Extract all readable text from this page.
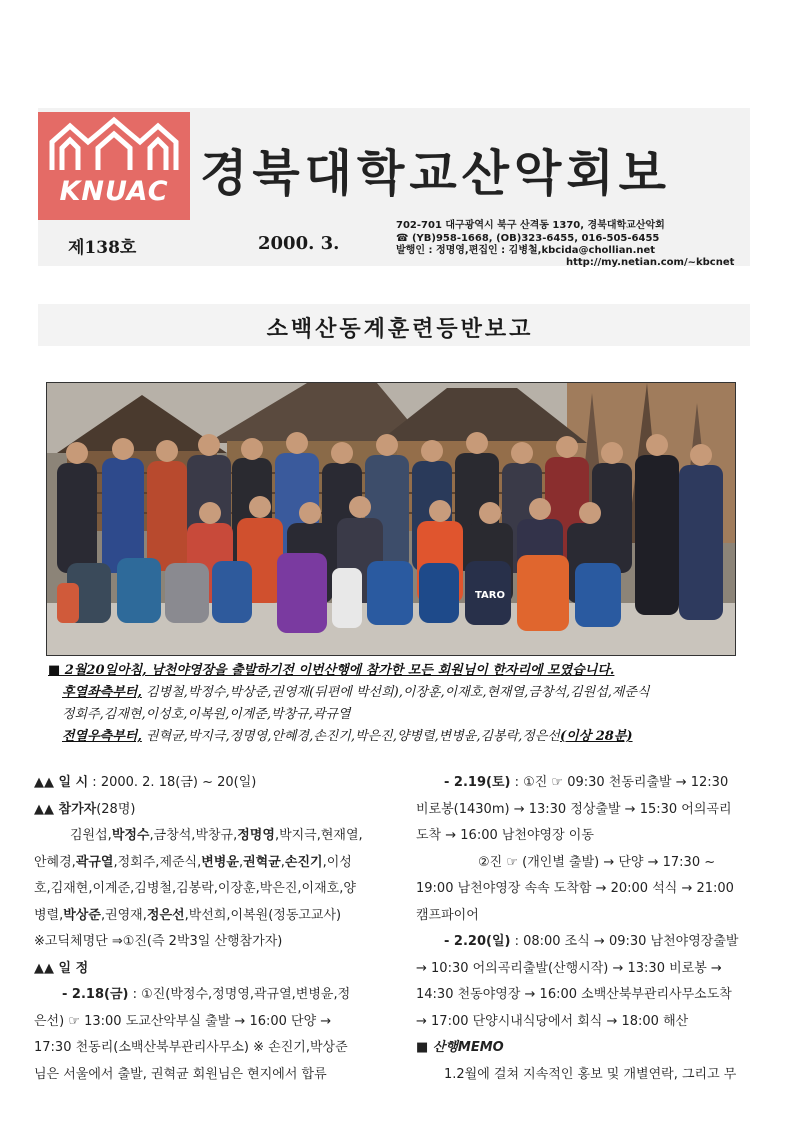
KNUAC 경북대학교산악회보
제138호	2000. 3.
702-701 대구광역시 북구 산격동 1370, 경북대학교산악회
☎ (YB)958-1668, (OB)323-6455, 016-505-6455
발행인 : 정명영,편집인 : 김병철,kbcida@chollian.net
http://my.netian.com/~kbcnet
소백산동계훈련등반보고
TARO
■ 2월20일아침, 남천야영장을 출발하기전 이번산행에 참가한 모든 회원님이 한자리에 모였습니다.
후열좌측부터, 김병철,박정수,박상준,권영재(뒤편에 박선희),이장훈,이재호,현재열,금창석,김원섭,제준식
정회주,김재현,이성호,이복원,이계준,박창규,곽규열
전열우측부터, 권혁균,박지극,정명영,안혜경,손진기,박은진,양병렬,변병윤,김봉락,정은선(이상 28분)
▲▲ 일 시 : 2000. 2. 18(금) ~ 20(일)
▲▲ 참가자(28명)
김원섭,박정수,금창석,박창규,정명영,박지극,현재열,
안혜경,곽규열,정회주,제준식,변병윤,권혁균,손진기,이성
호,김재현,이계준,김병철,김봉락,이장훈,박은진,이재호,양
병렬,박상준,권영재,정은선,박선희,이복원(정동고교사)
※고딕체명단 ⇒①진(즉 2박3일 산행참가자)
▲▲ 일 정
- 2.18(금) : ①진(박정수,정명영,곽규열,변병윤,정
은선) ☞ 13:00 도교산악부실 출발 → 16:00 단양 →
17:30 천동리(소백산북부관리사무소) ※ 손진기,박상준
님은 서울에서 출발, 권혁균 회원님은 현지에서 합류
- 2.19(토) : ①진 ☞ 09:30 천동리출발 → 12:30
비로봉(1430m) → 13:30 정상출발 → 15:30 어의곡리
도착 → 16:00 남천야영장 이동
②진 ☞ (개인별 출발) → 단양 → 17:30 ~
19:00 남천야영장 속속 도착함 → 20:00 석식 → 21:00
캠프파이어
- 2.20(일) : 08:00 조식 → 09:30 남천야영장출발
→ 10:30 어의곡리출발(산행시작) → 13:30 비로봉 →
14:30 천동야영장 → 16:00 소백산북부관리사무소도착
→ 17:00 단양시내식당에서 회식 → 18:00 해산
■ 산행MEMO
1.2월에 걸쳐 지속적인 홍보 및 개별연락, 그리고 무
